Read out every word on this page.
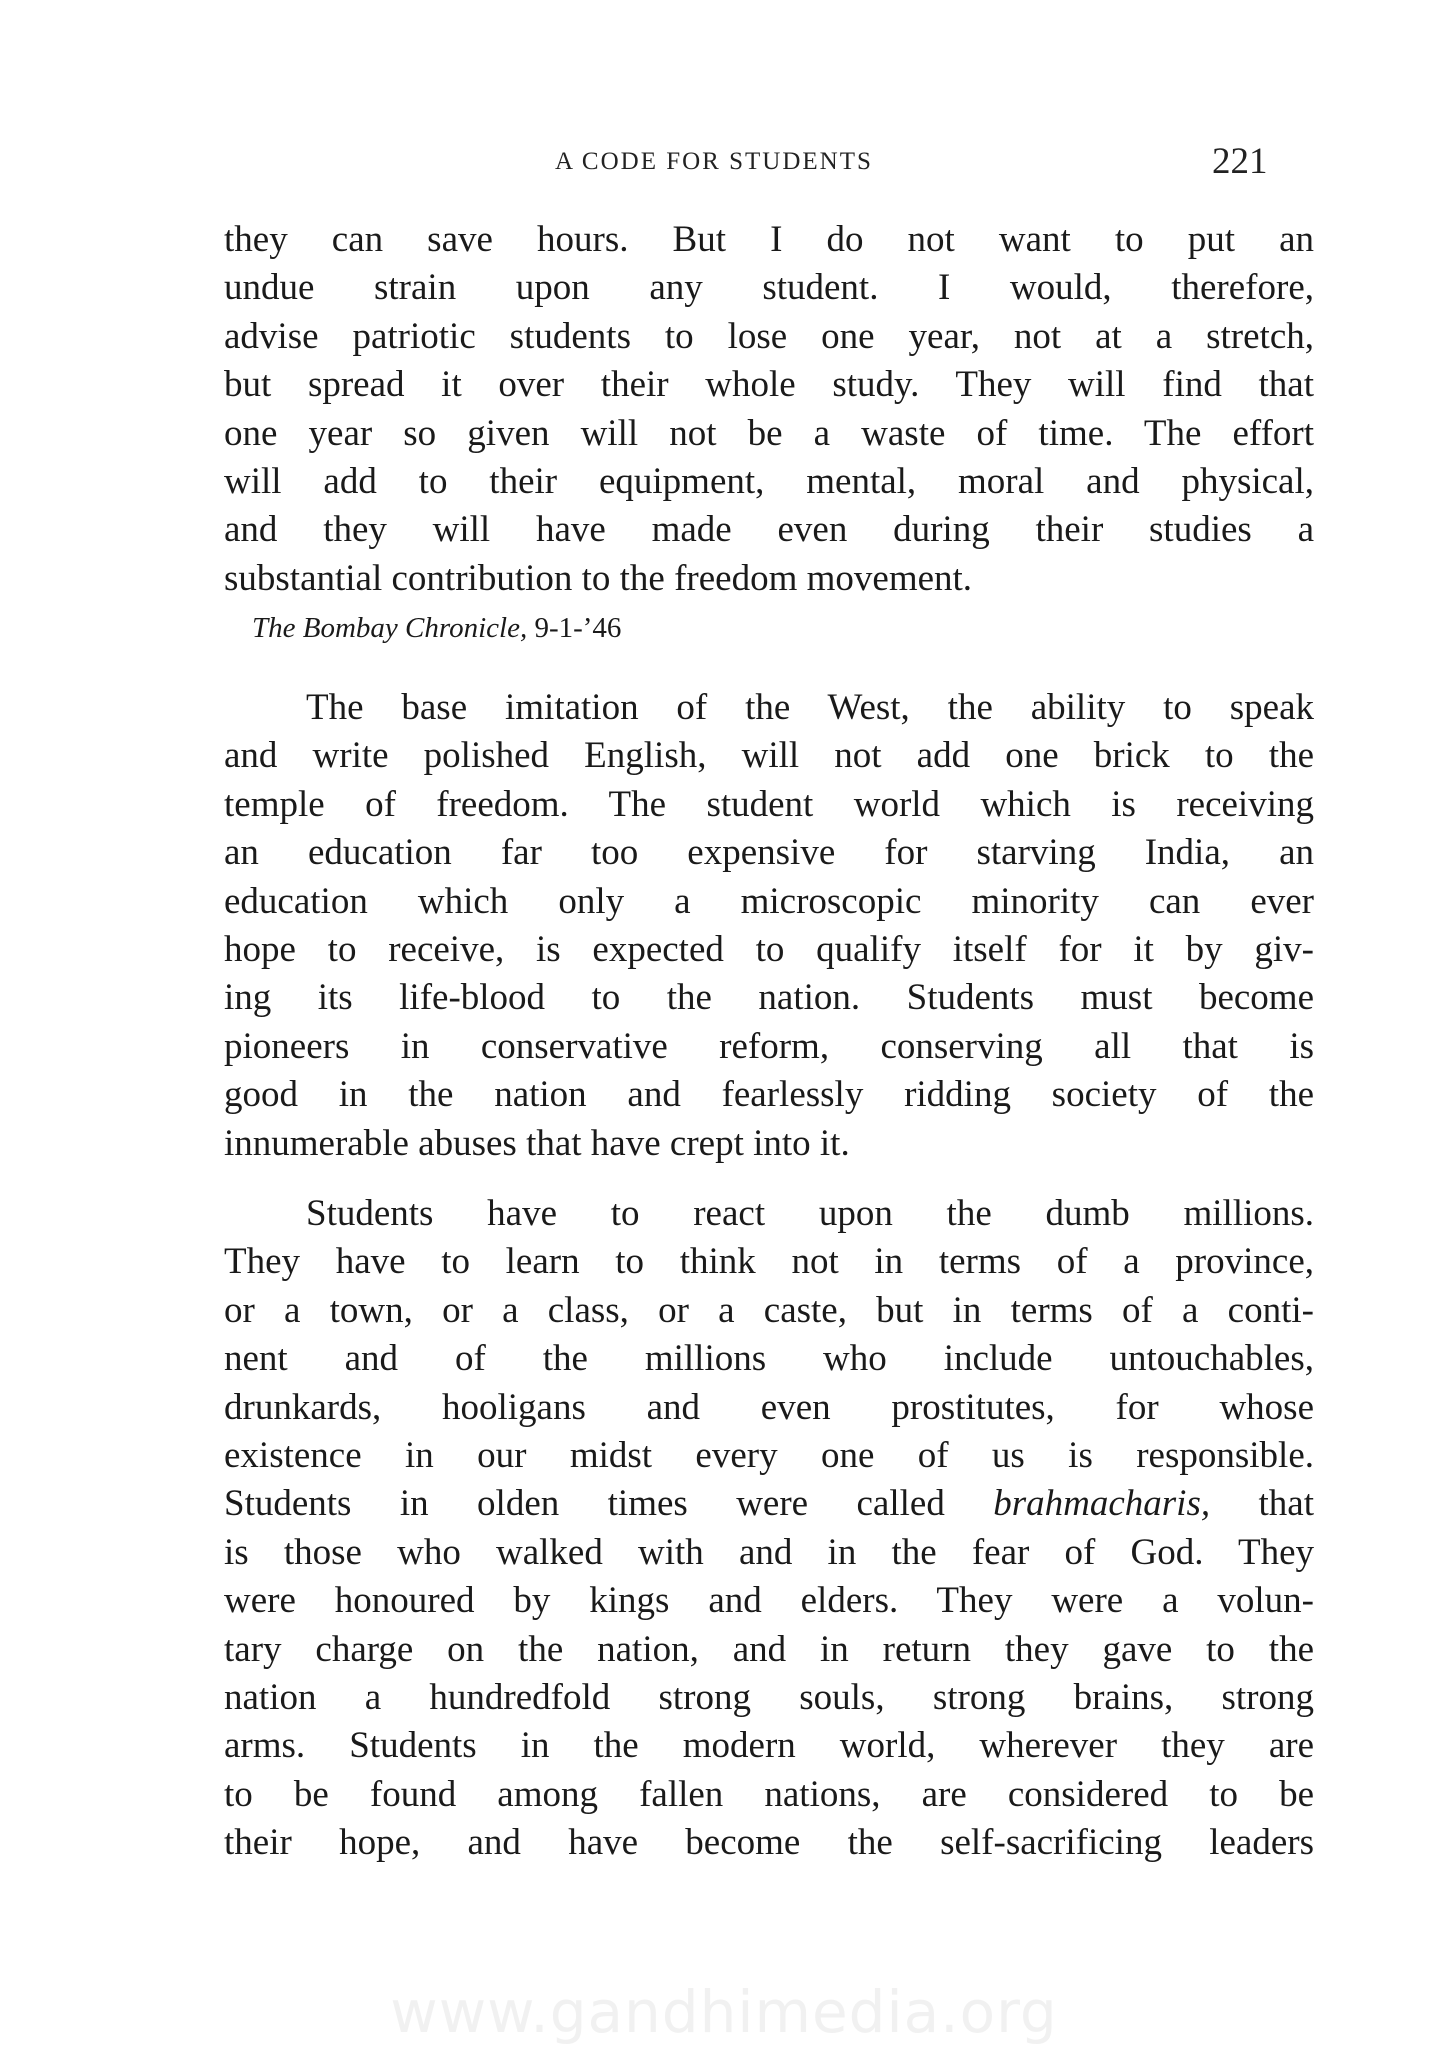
A CODE FOR STUDENTS	221
they can save hours. But I do not want to put an
undue strain upon any student. I would, therefore,
advise patriotic students to lose one year, not at a stretch,
but spread it over their whole study. They will find that
one year so given will not be a waste of time. The effort
will add to their equipment, mental, moral and physical,
and they will have made even during their studies a
substantial contribution to the freedom movement.
The Bombay Chronicle, 9-1-’46
The base imitation of the West, the ability to speak
and write polished English, will not add one brick to the
temple of freedom. The student world which is receiving
an education far too expensive for starving India, an
education which only a microscopic minority can ever
hope to receive, is expected to qualify itself for it by giv-
ing its life-blood to the nation. Students must become
pioneers in conservative reform, conserving all that is
good in the nation and fearlessly ridding society of the
innumerable abuses that have crept into it.
Students have to react upon the dumb millions.
They have to learn to think not in terms of a province,
or a town, or a class, or a caste, but in terms of a conti-
nent and of the millions who include untouchables,
drunkards, hooligans and even prostitutes, for whose
existence in our midst every one of us is responsible.
Students in olden times were called brahmacharis, that
is those who walked with and in the fear of God. They
were honoured by kings and elders. They were a volun-
tary charge on the nation, and in return they gave to the
nation a hundredfold strong souls, strong brains, strong
arms. Students in the modern world, wherever they are
to be found among fallen nations, are considered to be
their hope, and have become the self-sacrificing leaders
www.gandhimedia.org
